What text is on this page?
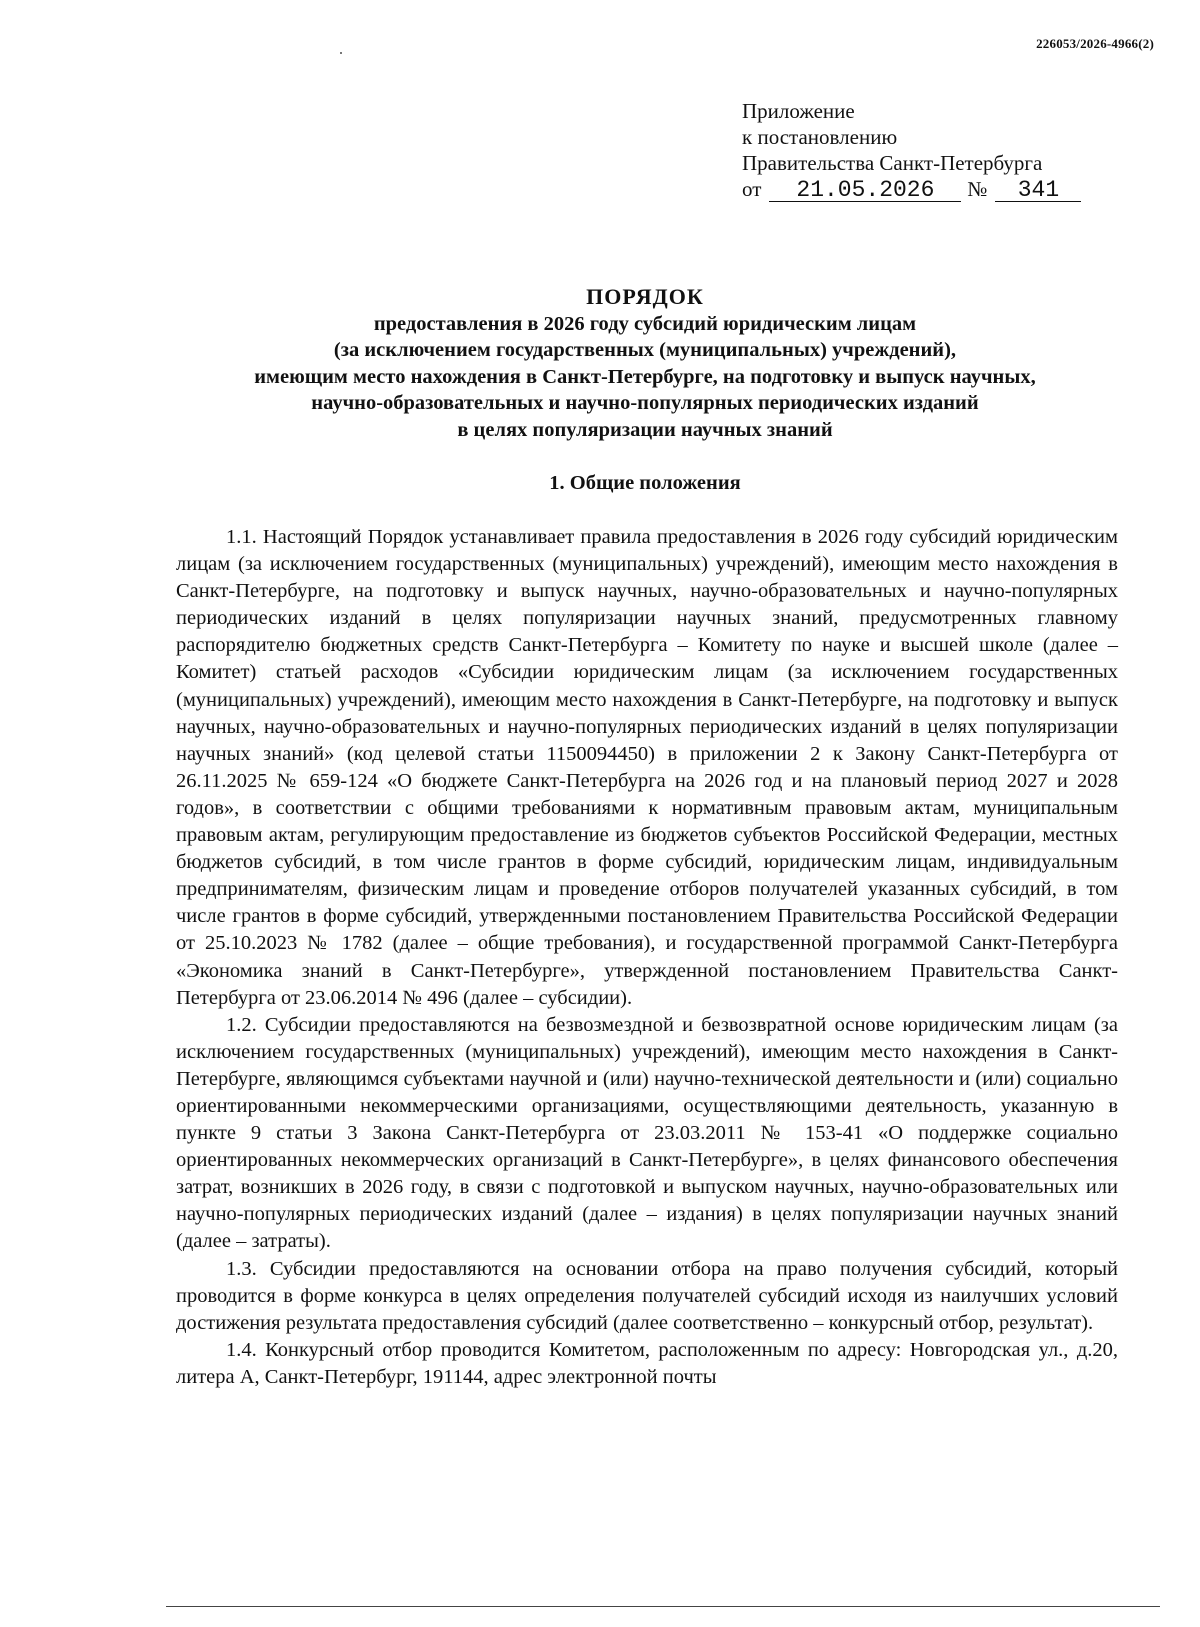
226053/2026-4966(2)
Приложение
к постановлению
Правительства Санкт-Петербурга
от 21.05.2026 № 341
ПОРЯДОК
предоставления в 2026 году субсидий юридическим лицам
(за исключением государственных (муниципальных) учреждений),
имеющим место нахождения в Санкт-Петербурге, на подготовку и выпуск научных,
научно-образовательных и научно-популярных периодических изданий
в целях популяризации научных знаний
1. Общие положения

1.1. Настоящий Порядок устанавливает правила предоставления в 2026 году субсидий юридическим лицам (за исключением государственных (муниципальных) учреждений), имеющим место нахождения в Санкт-Петербурге, на подготовку и выпуск научных, научно-образовательных и научно-популярных периодических изданий в целях популяризации научных знаний, предусмотренных главному распорядителю бюджетных средств Санкт-Петербурга – Комитету по науке и высшей школе (далее – Комитет) статьей расходов «Субсидии юридическим лицам (за исключением государственных (муниципальных) учреждений), имеющим место нахождения в Санкт-Петербурге, на подготовку и выпуск научных, научно-образовательных и научно-популярных периодических изданий в целях популяризации научных знаний» (код целевой статьи 1150094450) в приложении 2 к Закону Санкт-Петербурга от 26.11.2025 № 659-124 «О бюджете Санкт-Петербурга на 2026 год и на плановый период 2027 и 2028 годов», в соответствии с общими требованиями к нормативным правовым актам, муниципальным правовым актам, регулирующим предоставление из бюджетов субъектов Российской Федерации, местных бюджетов субсидий, в том числе грантов в форме субсидий, юридическим лицам, индивидуальным предпринимателям, физическим лицам и проведение отборов получателей указанных субсидий, в том числе грантов в форме субсидий, утвержденными постановлением Правительства Российской Федерации от 25.10.2023 № 1782 (далее – общие требования), и государственной программой Санкт-Петербурга «Экономика знаний в Санкт-Петербурге», утвержденной постановлением Правительства Санкт-Петербурга от 23.06.2014 № 496 (далее – субсидии).

1.2. Субсидии предоставляются на безвозмездной и безвозвратной основе юридическим лицам (за исключением государственных (муниципальных) учреждений), имеющим место нахождения в Санкт-Петербурге, являющимся субъектами научной и (или) научно-технической деятельности и (или) социально ориентированными некоммерческими организациями, осуществляющими деятельность, указанную в пункте 9 статьи 3 Закона Санкт-Петербурга от 23.03.2011 № 153-41 «О поддержке социально ориентированных некоммерческих организаций в Санкт-Петербурге», в целях финансового обеспечения затрат, возникших в 2026 году, в связи с подготовкой и выпуском научных, научно-образовательных или научно-популярных периодических изданий (далее – издания) в целях популяризации научных знаний (далее – затраты).

1.3. Субсидии предоставляются на основании отбора на право получения субсидий, который проводится в форме конкурса в целях определения получателей субсидий исходя из наилучших условий достижения результата предоставления субсидий (далее соответственно – конкурсный отбор, результат).

1.4. Конкурсный отбор проводится Комитетом, расположенным по адресу: Новгородская ул., д.20, литера А, Санкт-Петербург, 191144, адрес электронной почты
